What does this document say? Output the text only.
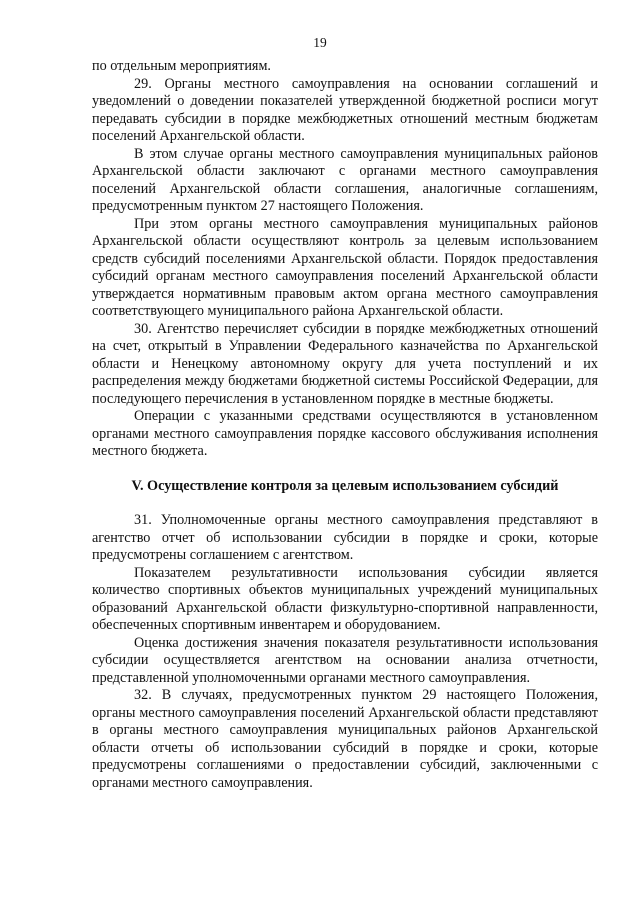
19

по отдельным мероприятиям.

29. Органы местного самоуправления на основании соглашений и уведомлений о доведении показателей утвержденной бюджетной росписи могут передавать субсидии в порядке межбюджетных отношений местным бюджетам поселений Архангельской области.

В этом случае органы местного самоуправления муниципальных районов Архангельской области заключают с органами местного самоуправления поселений Архангельской области соглашения, аналогичные соглашениям, предусмотренным пунктом 27 настоящего Положения.

При этом органы местного самоуправления муниципальных районов Архангельской области осуществляют контроль за целевым использованием средств субсидий поселениями Архангельской области. Порядок предоставления субсидий органам местного самоуправления поселений Архангельской области утверждается нормативным правовым актом органа местного самоуправления соответствующего муниципального района Архангельской области.

30. Агентство перечисляет субсидии в порядке межбюджетных отношений на счет, открытый в Управлении Федерального казначейства по Архангельской области и Ненецкому автономному округу для учета поступлений и их распределения между бюджетами бюджетной системы Российской Федерации, для последующего перечисления в установленном порядке в местные бюджеты.

Операции с указанными средствами осуществляются в установленном органами местного самоуправления порядке кассового обслуживания исполнения местного бюджета.

V. Осуществление контроля за целевым использованием субсидий

31. Уполномоченные органы местного самоуправления представляют в агентство отчет об использовании субсидии в порядке и сроки, которые предусмотрены соглашением с агентством.

Показателем результативности использования субсидии является количество спортивных объектов муниципальных учреждений муниципальных образований Архангельской области физкультурно-спортивной направленности, обеспеченных спортивным инвентарем и оборудованием.

Оценка достижения значения показателя результативности использования субсидии осуществляется агентством на основании анализа отчетности, представленной уполномоченными органами местного самоуправления.

32. В случаях, предусмотренных пунктом 29 настоящего Положения, органы местного самоуправления поселений Архангельской области представляют в органы местного самоуправления муниципальных районов Архангельской области отчеты об использовании субсидий в порядке и сроки, которые предусмотрены соглашениями о предоставлении субсидий, заключенными с органами местного самоуправления.
